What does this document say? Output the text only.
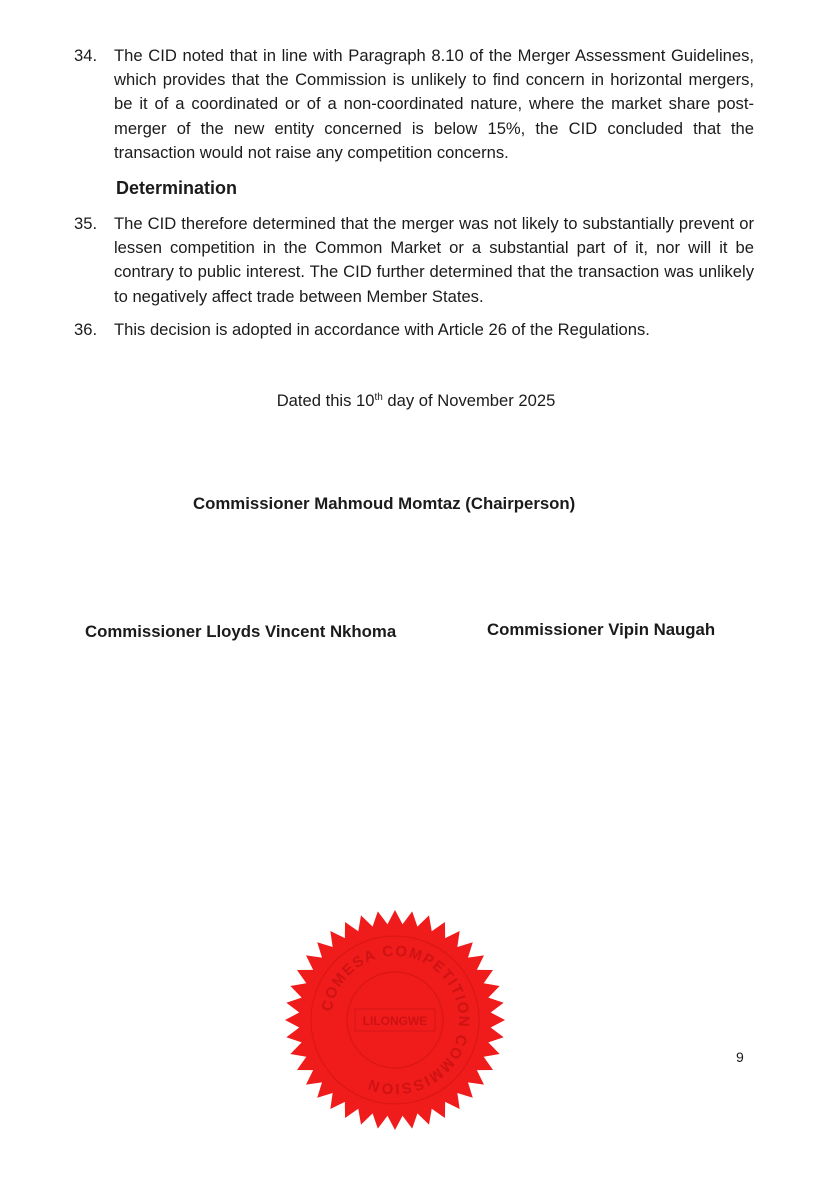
34. The CID noted that in line with Paragraph 8.10 of the Merger Assessment Guidelines, which provides that the Commission is unlikely to find concern in horizontal mergers, be it of a coordinated or of a non-coordinated nature, where the market share post-merger of the new entity concerned is below 15%, the CID concluded that the transaction would not raise any competition concerns.
Determination
35. The CID therefore determined that the merger was not likely to substantially prevent or lessen competition in the Common Market or a substantial part of it, nor will it be contrary to public interest. The CID further determined that the transaction was unlikely to negatively affect trade between Member States.
36. This decision is adopted in accordance with Article 26 of the Regulations.
Dated this 10th day of November 2025
Commissioner Mahmoud Momtaz (Chairperson)
Commissioner Lloyds Vincent Nkhoma	Commissioner Vipin Naugah
COMESA COMPETITION COMMISSION
LILONGWE
9
